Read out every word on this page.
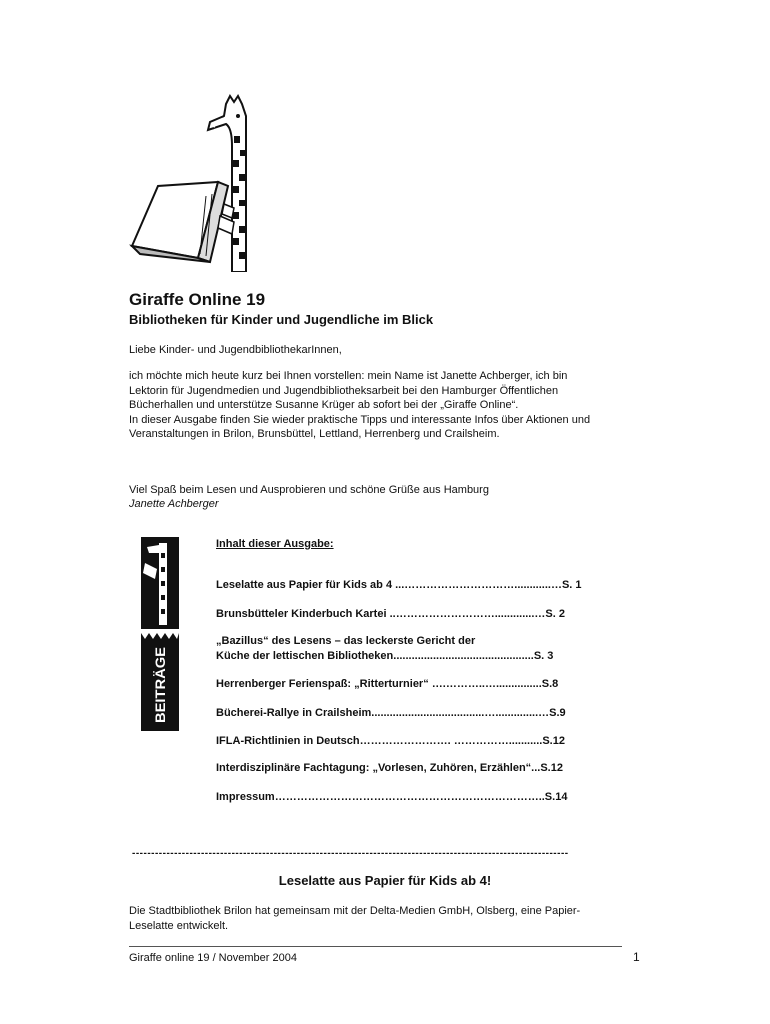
Giraffe Online 19
Bibliotheken für Kinder und Jugendliche im Blick
Liebe Kinder- und JugendbibliothekarInnen,
ich möchte mich heute kurz bei Ihnen vorstellen: mein Name ist Janette Achberger, ich bin Lektorin für Jugendmedien und Jugendbibliotheksarbeit bei den Hamburger Öffentlichen Bücherhallen und unterstütze Susanne Krüger ab sofort bei der „Giraffe Online“.
In dieser Ausgabe finden Sie wieder praktische Tipps und interessante Infos über Aktionen und Veranstaltungen in Brilon, Brunsbüttel, Lettland, Herrenberg und Crailsheim.
Viel Spaß beim Lesen und Ausprobieren und schöne Grüße aus Hamburg
Janette Achberger
BEITRÄGE
Inhalt dieser Ausgabe:
Leselatte aus Papier für Kids ab 4 ...…………………………............…S. 1
Brunsbütteler Kinderbuch Kartei ..……………………….............…S. 2
„Bazillus“ des Lesens – das leckerste Gericht der
Küche der lettischen Bibliotheken..............................................S. 3
Herrenberger Ferienspaß: „Ritterturnier“ ….………..…...............S.8
Bücherei-Rallye in Crailsheim.....................................…..............…S.9
IFLA-Richtlinien in Deutsch……………………. ……………...........S.12
Interdisziplinäre Fachtagung: „Vorlesen, Zuhören, Erzählen“...S.12
Impressum………………………………………………………………..S.14
------------------------------------------------------------------------------------------------------------------
Leselatte aus Papier für Kids ab 4!
Die Stadtbibliothek Brilon hat gemeinsam mit der Delta-Medien GmbH, Olsberg, eine Papier-Leselatte entwickelt.
Giraffe online 19 / November 2004	1
